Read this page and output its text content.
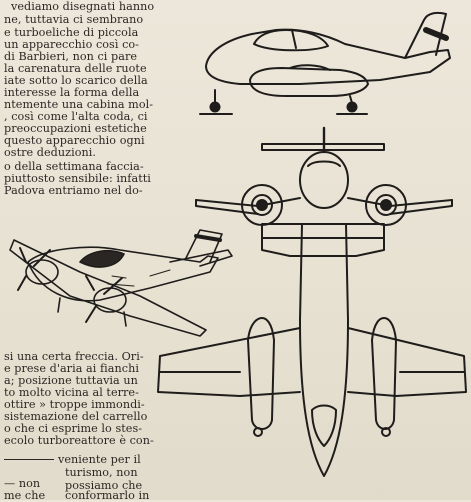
vediamo disegnati hanno
ne, tuttavia ci sembrano
e turboeliche di piccola
un apparecchio così co-
di Barbieri, non ci pare
la carenatura delle ruote
iate sotto lo scarico della
interesse la forma della
ntemente una cabina mol-
, così come l'alta coda, ci
preoccupazioni estetiche
questo apparecchio ogni
ostre deduzioni.
o della settimana faccia-
piuttosto sensibile: infatti
Padova entriamo nel do-
si una certa freccia. Ori-
e prese d'aria ai fianchi
a; posizione tuttavia un
to molto vicina al terre-
ottire » troppe immondi-
sistemazione del carrello
o che ci esprime lo stes-
ecolo turboreattore è con-
veniente per il
turismo, non
possiamo che
— non
me che conformarlo in
